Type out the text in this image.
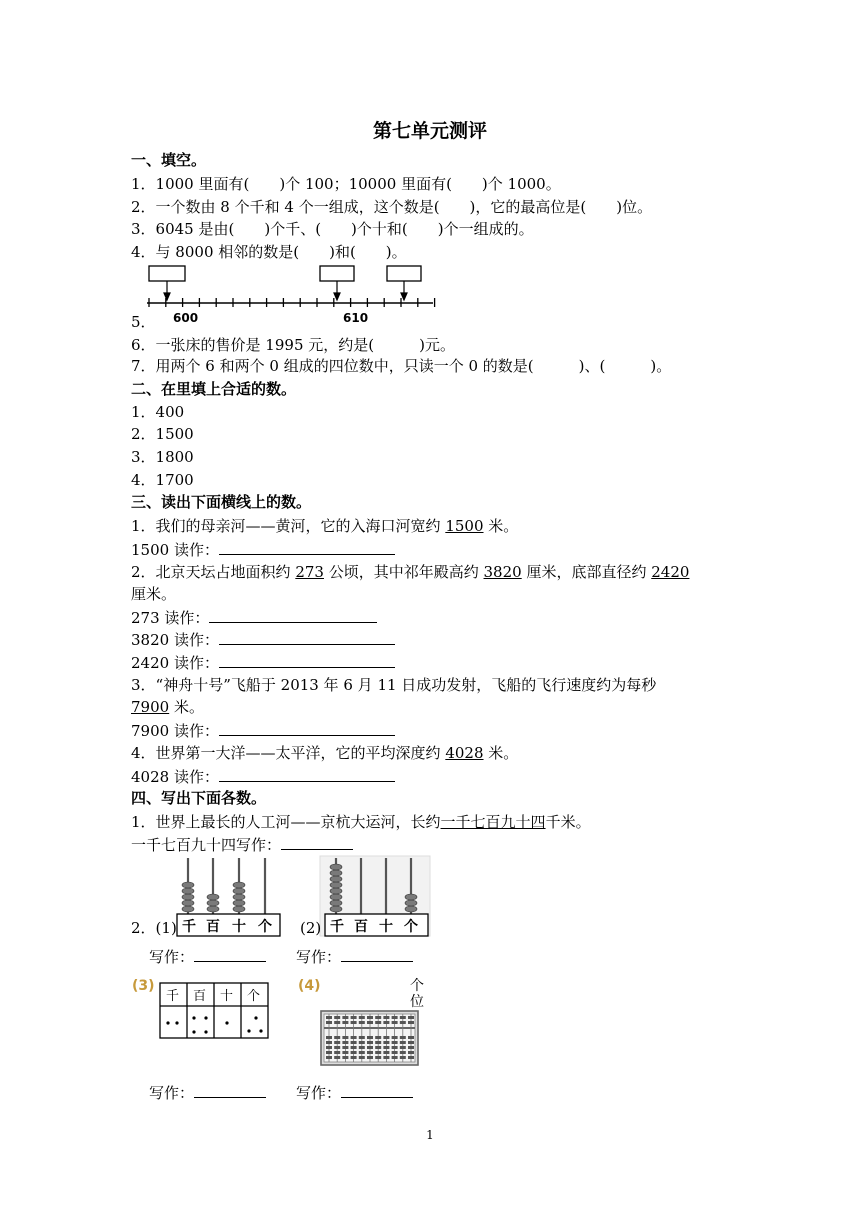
第七单元测评
一、填空。
1．1000 里面有(　　)个 100；10000 里面有(　　)个 1000。
2．一个数由 8 个千和 4 个一组成，这个数是(　　)，它的最高位是(　　)位。
3．6045 是由(　　)个千、(　　)个十和(　　)个一组成的。
4．与 8000 相邻的数是(　　)和(　　)。
600	610
5．
6．一张床的售价是 1995 元，约是(　　　)元。
7．用两个 6 和两个 0 组成的四位数中，只读一个 0 的数是(　　　)、(　　　)。
二、在里填上合适的数。
1．400
2．1500
3．1800
4．1700
三、读出下面横线上的数。
1．我们的母亲河——黄河，它的入海口河宽约 1500 米。
1500 读作：
2．北京天坛占地面积约 273 公顷，其中祁年殿高约 3820 厘米，底部直径约 2420
厘米。
273 读作：
3820 读作：
2420 读作：
3．“神舟十号”飞船于 2013 年 6 月 11 日成功发射，飞船的飞行速度约为每秒
7900 米。
7900 读作：
4．世界第一大洋——太平洋，它的平均深度约 4028 米。
4028 读作：
四、写出下面各数。
1．世界上最长的人工河——京杭大运河，长约一千七百九十四千米。
一千七百九十四写作：
千 百 十 个	千 百 十 个
2．(1)	(2)
写作：	写作：
(3)
千 百 十 个
(4)	个
位
写作：	写作：
1
